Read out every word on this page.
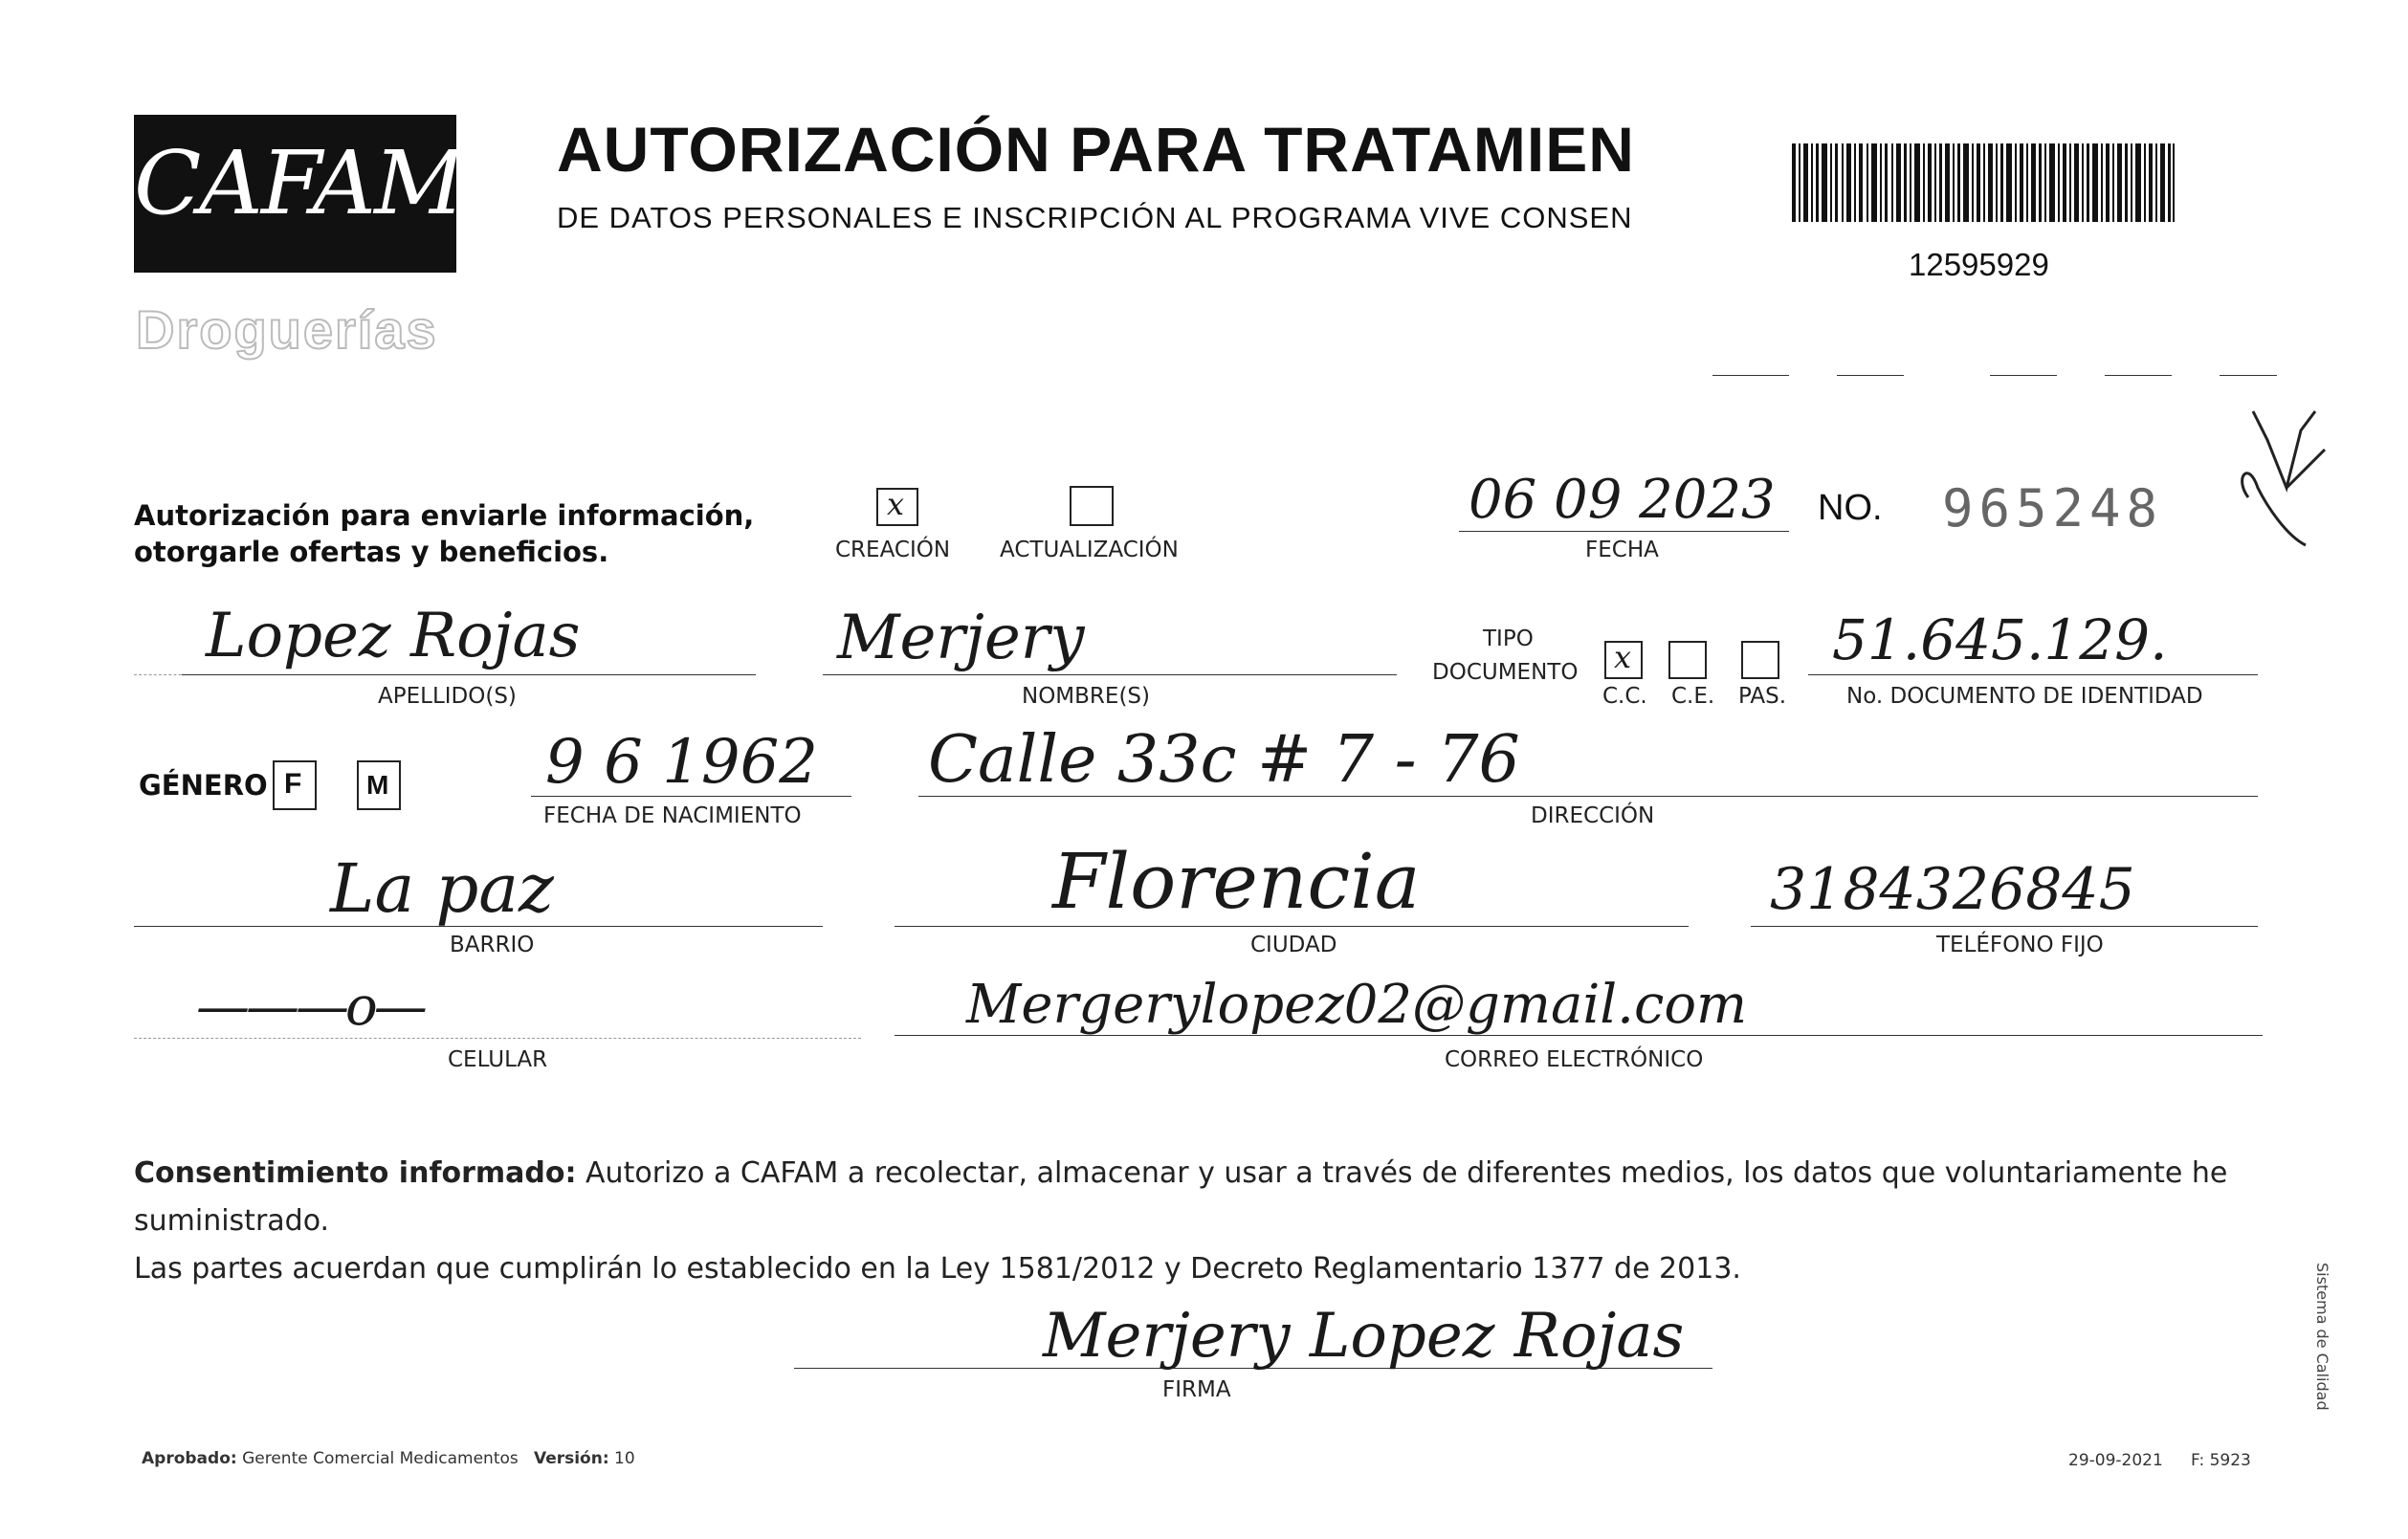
CAFAM
Droguerías
AUTORIZACIÓN PARA TRATAMIEN
DE DATOS PERSONALES E INSCRIPCIÓN AL PROGRAMA VIVE CONSEN
12595929
Autorización para enviarle información,
otorgarle ofertas y beneficios.
x
CREACIÓN ACTUALIZACIÓN
06 09 2023
FECHA
NO. 965248
Lopez Rojas
APELLIDO(S)
Merjery
NOMBRE(S)
TIPO
DOCUMENTO x
C.C. C.E. PAS.
51.645.129.
No. DOCUMENTO DE IDENTIDAD
GÉNERO F M	9 6 1962
FECHA DE NACIMIENTO
Calle 33c # 7 - 76
DIRECCIÓN
La paz
BARRIO
Florencia
CIUDAD
3184326845
TELÉFONO FIJO
———o—
CELULAR
Mergerylopez02@gmail.com
CORREO ELECTRÓNICO
Consentimiento informado: Autorizo a CAFAM a recolectar, almacenar y usar a través de diferentes medios, los datos que voluntariamente he suministrado.
Las partes acuerdan que cumplirán lo establecido en la Ley 1581/2012 y Decreto Reglamentario 1377 de 2013.
Merjery Lopez Rojas
FIRMA
Aprobado: Gerente Comercial Medicamentos Versión: 10	29-09-2021 F: 5923
Sistema de Calidad
